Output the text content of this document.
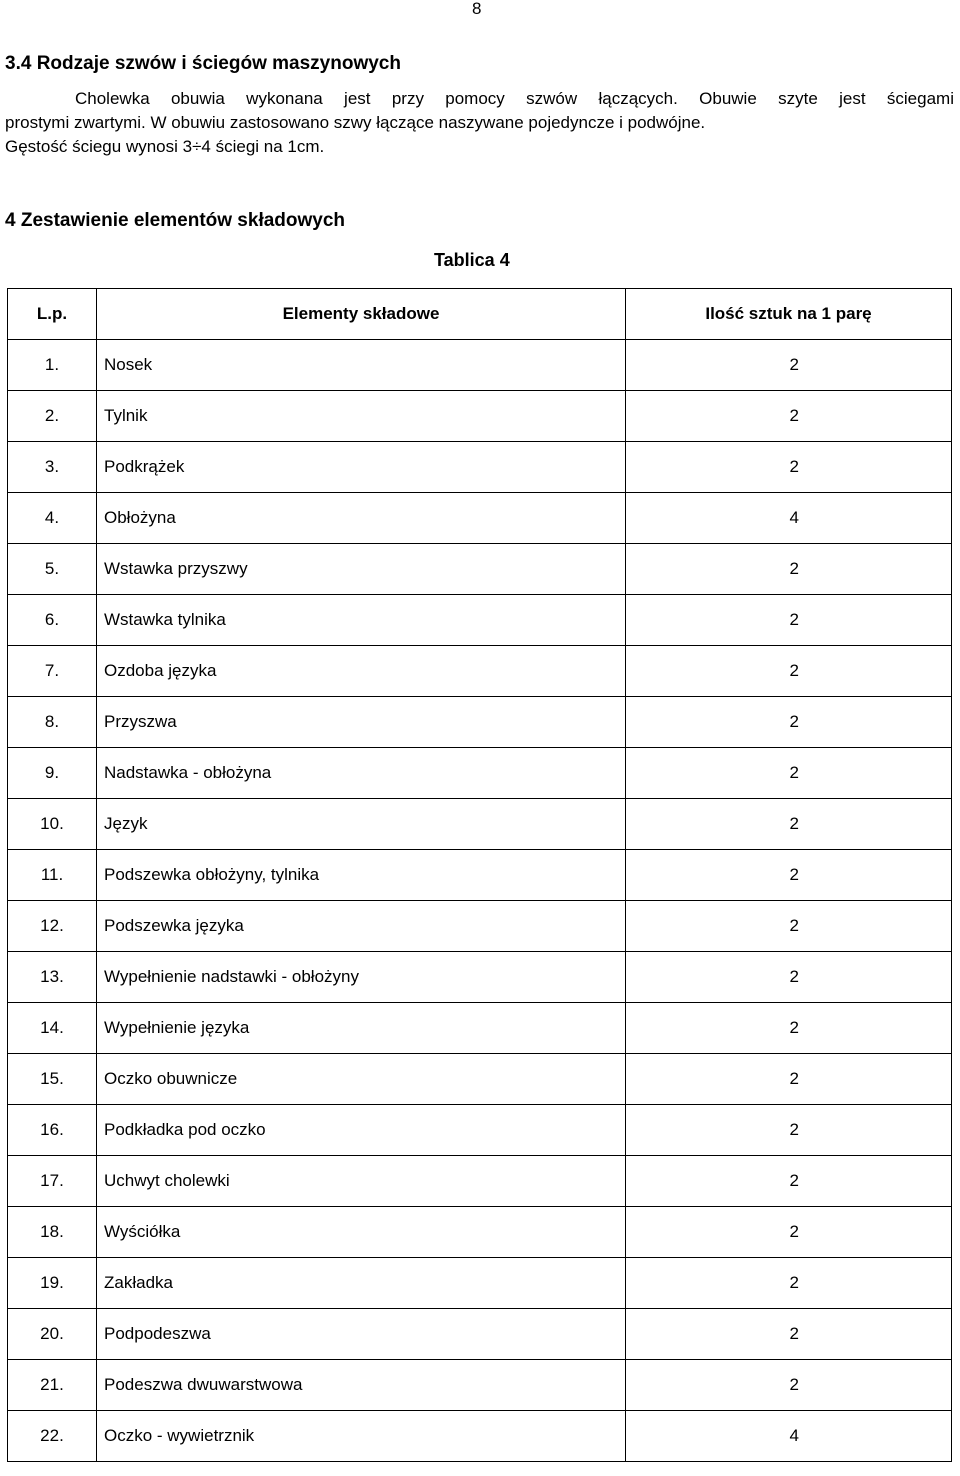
8
3.4 Rodzaje szwów i ściegów maszynowych

Cholewka obuwia wykonana jest przy pomocy szwów łączących. Obuwie szyte jest ściegami
prostymi zwartymi. W obuwiu zastosowano szwy łączące naszywane pojedyncze i podwójne.
Gęstość ściegu wynosi 3÷4 ściegi na 1cm.

4 Zestawienie elementów składowych
Tablica 4
L.p.	Elementy składowe	Ilość sztuk na 1 parę
1.	Nosek	2
2.	Tylnik	2
3.	Podkrążek	2
4.	Obłożyna	4
5.	Wstawka przyszwy	2
6.	Wstawka tylnika	2
7.	Ozdoba języka	2
8.	Przyszwa	2
9.	Nadstawka - obłożyna	2
10.	Język	2
11.	Podszewka obłożyny, tylnika	2
12.	Podszewka języka	2
13.	Wypełnienie nadstawki - obłożyny	2
14.	Wypełnienie języka	2
15.	Oczko obuwnicze	2
16.	Podkładka pod oczko	2
17.	Uchwyt cholewki	2
18.	Wyściółka	2
19.	Zakładka	2
20.	Podpodeszwa	2
21.	Podeszwa dwuwarstwowa	2
22.	Oczko - wywietrznik	4
